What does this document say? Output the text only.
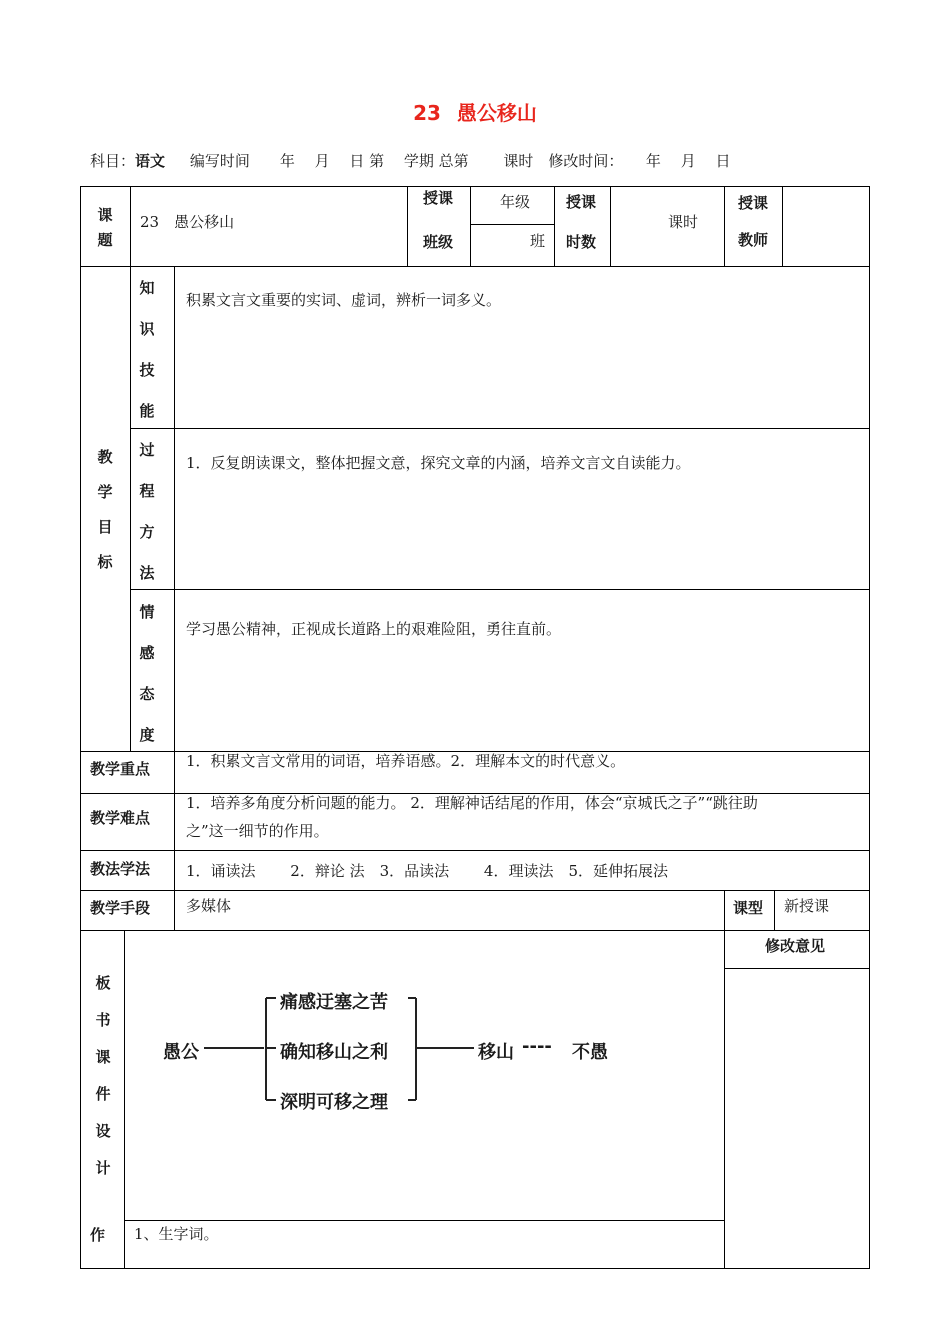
23 愚公移山
科目：语文 编写时间　　年　 月　 日 第　 学期 总第　　 课时　修改时间：　　年　 月　 日
课
题
23　愚公移山
授课
班级
年级
班
授课
时数
课时
授课
教师
教
学
目
标
知
识
技
能
积累文言文重要的实词、虚词，辨析一词多义。
过
程
方
法
1．反复朗读课文，整体把握文意，探究文章的内涵，培养文言文自读能力。
情
感
态
度
学习愚公精神，正视成长道路上的艰难险阻，勇往直前。
教学重点 1．积累文言文常用的词语，培养语感。2．理解本文的时代意义。
教学难点
1．培养多角度分析问题的能力。 2．理解神话结尾的作用，体会“京城氏之子”“跳往助
之”这一细节的作用。
教法学法 1．诵读法　　 2．辩论 法　3．品读法　　 4．理读法　5．延伸拓展法
教学手段 多媒体	课型 新授课
修改意见
板
书
课
件
设
计
愚公
痛感迂塞之苦
确知移山之利
深明可移之理
移山 ---- 不愚
作 1、生字词。
